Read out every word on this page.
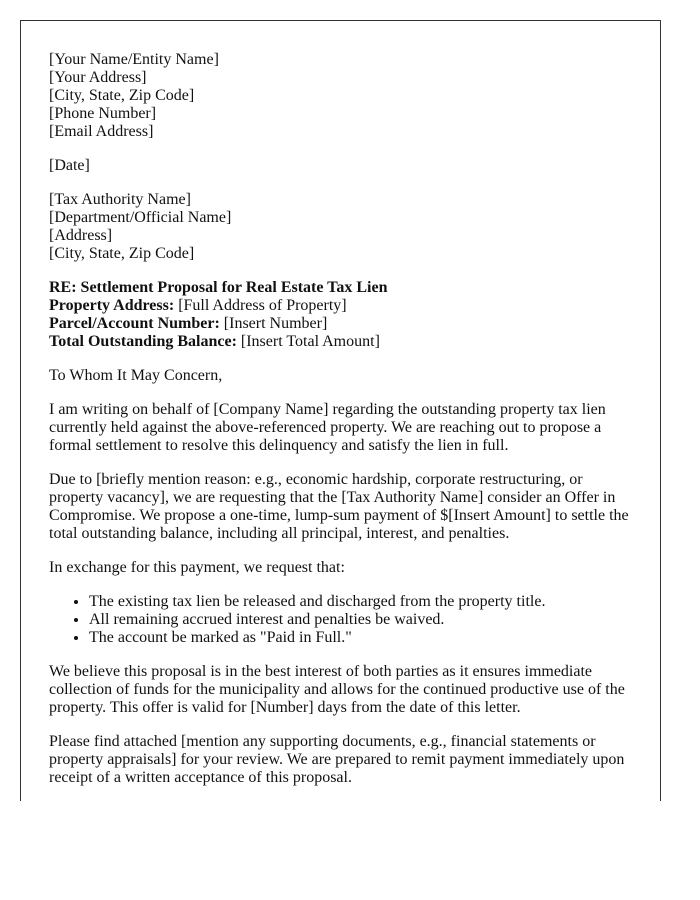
[Your Name/Entity Name]
[Your Address]
[City, State, Zip Code]
[Phone Number]
[Email Address]

[Date]

[Tax Authority Name]
[Department/Official Name]
[Address]
[City, State, Zip Code]

RE: Settlement Proposal for Real Estate Tax Lien
Property Address: [Full Address of Property]
Parcel/Account Number: [Insert Number]
Total Outstanding Balance: [Insert Total Amount]

To Whom It May Concern,

I am writing on behalf of [Company Name] regarding the outstanding property tax lien currently held against the above-referenced property. We are reaching out to propose a formal settlement to resolve this delinquency and satisfy the lien in full.

Due to [briefly mention reason: e.g., economic hardship, corporate restructuring, or property vacancy], we are requesting that the [Tax Authority Name] consider an Offer in Compromise. We propose a one-time, lump-sum payment of $[Insert Amount] to settle the total outstanding balance, including all principal, interest, and penalties.

In exchange for this payment, we request that:

• The existing tax lien be released and discharged from the property title.
• All remaining accrued interest and penalties be waived.
• The account be marked as "Paid in Full."

We believe this proposal is in the best interest of both parties as it ensures immediate collection of funds for the municipality and allows for the continued productive use of the property. This offer is valid for [Number] days from the date of this letter.

Please find attached [mention any supporting documents, e.g., financial statements or property appraisals] for your review. We are prepared to remit payment immediately upon receipt of a written acceptance of this proposal.
